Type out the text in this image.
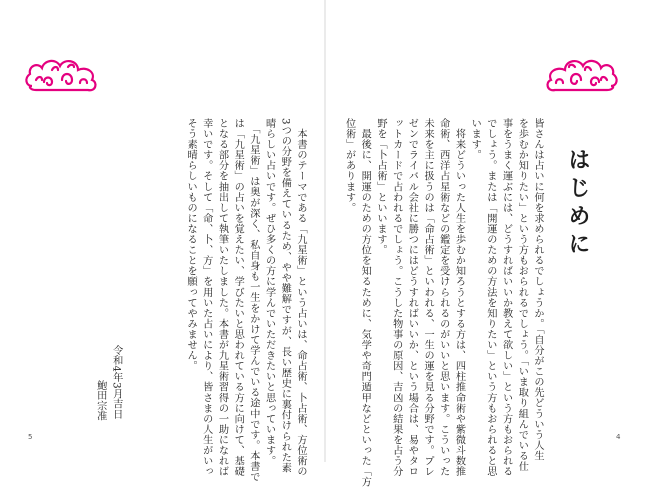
　本書のテーマである「九星術」という占いは、命占術、卜占術、方位術の
3つの分野を備えているため、やや難解ですが、長い歴史に裏付けられた素
晴らしい占いです。ぜひ多くの方に学んでいただきたいと思っています。
　「九星術」は奥が深く、私自身も一生をかけて学んでいる途中です。本書で
は「九星術」の占いを覚えたい、学びたいと思われている方に向けて、基礎
となる部分を抽出して執筆いたしました。本書が九星術習得の一助になれば
幸いです。そして「命、卜、方」を用いた占いにより、皆さまの人生がいっ
そう素晴らしいものになることを願ってやみません。
令和4年3月吉日
鮑田宗准
5
はじめに
皆さんは占いに何を求められるでしょうか。「自分がこの先どういう人生
を歩むか知りたい」という方もおられるでしょう。「いま取り組んでいる仕
事をうまく運ぶには、どうすればいいか教えて欲しい」という方もおられる
でしょう。または「開運のための方法を知りたい」という方もおられると思
います。
　将来どういった人生を歩むか知ろうとする方は、四柱推命術や紫微斗数推
命術、西洋占星術などの鑑定を受けられるのがいいと思います。こういった
未来を主に扱うのは「命占術」といわれる、一生の運を見る分野です。プレ
ゼンでライバル会社に勝つにはどうすればいいか、という場合は、易やタロ
ットカードで占われるでしょう。こうした物事の原因、吉凶の結果を占う分
野を「卜占術」といいます。
　最後に、開運のための方位を知るために、気学や奇門遁甲などといった「方
位術」があります。
4
